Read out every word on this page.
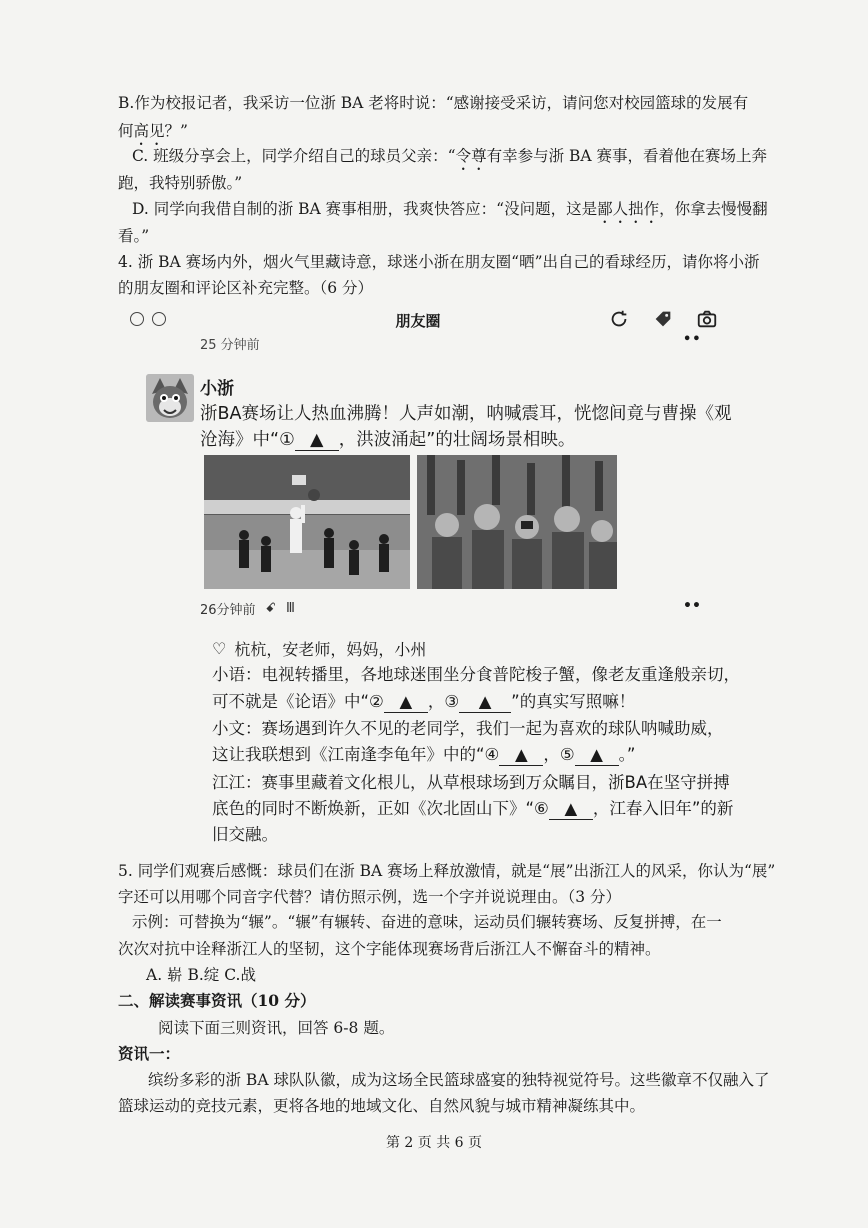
B.作为校报记者，我采访一位浙 BA 老将时说：“感谢接受采访，请问您对校园篮球的发展有
何高见？”
C. 班级分享会上，同学介绍自己的球员父亲：“令尊有幸参与浙 BA 赛事，看着他在赛场上奔
跑，我特别骄傲。”
D. 同学向我借自制的浙 BA 赛事相册，我爽快答应：“没问题，这是鄙人拙作，你拿去慢慢翻
看。”
4. 浙 BA 赛场内外，烟火气里藏诗意，球迷小浙在朋友圈“晒”出自己的看球经历，请你将小浙
的朋友圈和评论区补充完整。（6 分）
朋友圈
25 分钟前	••
小浙
浙BA赛场让人热血沸腾！人声如潮，呐喊震耳，恍惚间竟与曹操《观
沧海》中“① ▲ ，洪波涌起”的壮阔场景相映。
26分钟前 ꗃ Ⅲ	••
♡ 杭杭，安老师，妈妈，小州
小语：电视转播里，各地球迷围坐分食普陀梭子蟹，像老友重逢般亲切，
可不就是《论语》中“② ▲ ，③ ▲ ”的真实写照嘛！
小文：赛场遇到许久不见的老同学，我们一起为喜欢的球队呐喊助威，
这让我联想到《江南逢李龟年》中的“④ ▲ ，⑤ ▲ 。”
江江：赛事里藏着文化根儿，从草根球场到万众瞩目，浙BA在坚守拼搏
底色的同时不断焕新，正如《次北固山下》“⑥ ▲ ，江春入旧年”的新
旧交融。
5. 同学们观赛后感慨：球员们在浙 BA 赛场上释放激情，就是“展”出浙江人的风采，你认为“展”
字还可以用哪个同音字代替？请仿照示例，选一个字并说说理由。（3 分）
示例：可替换为“辗”。“辗”有辗转、奋进的意味，运动员们辗转赛场、反复拼搏，在一
次次对抗中诠释浙江人的坚韧，这个字能体现赛场背后浙江人不懈奋斗的精神。
A. 崭 B.绽 C.战
二、解读赛事资讯（10 分）
阅读下面三则资讯，回答 6-8 题。
资讯一：
缤纷多彩的浙 BA 球队队徽，成为这场全民篮球盛宴的独特视觉符号。这些徽章不仅融入了
篮球运动的竞技元素，更将各地的地域文化、自然风貌与城市精神凝练其中。
第 2 页 共 6 页
